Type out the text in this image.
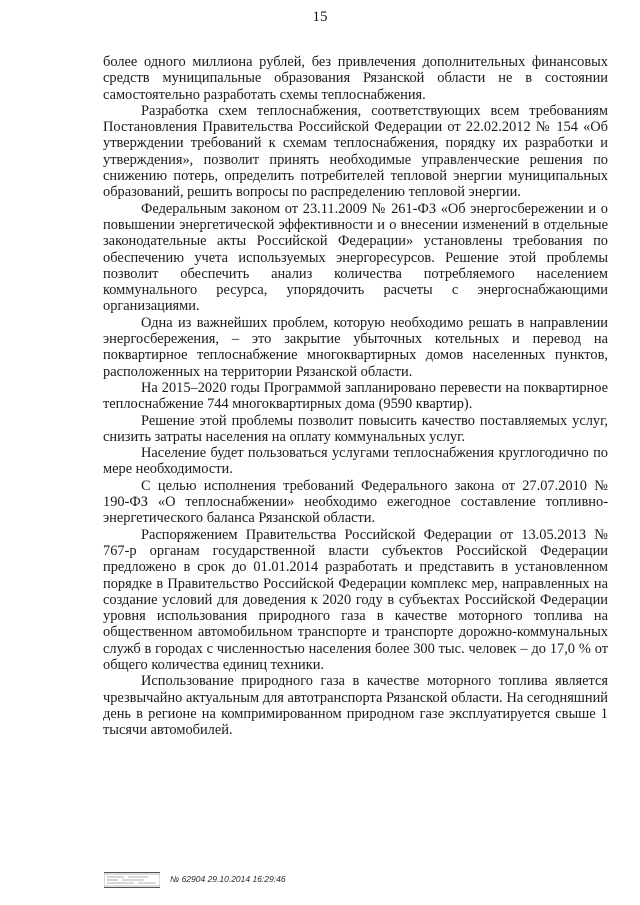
15

более одного миллиона рублей, без привлечения дополнительных финансовых средств муниципальные образования Рязанской области не в состоянии самостоятельно разработать схемы теплоснабжения.

Разработка схем теплоснабжения, соответствующих всем требованиям Постановления Правительства Российской Федерации от 22.02.2012 № 154 «Об утверждении требований к схемам теплоснабжения, порядку их разработки и утверждения», позволит принять необходимые управленческие решения по снижению потерь, определить потребителей тепловой энергии муниципальных образований, решить вопросы по распределению тепловой энергии.

Федеральным законом от 23.11.2009 № 261-ФЗ «Об энергосбережении и о повышении энергетической эффективности и о внесении изменений в отдельные законодательные акты Российской Федерации» установлены требования по обеспечению учета используемых энергоресурсов. Решение этой проблемы позволит обеспечить анализ количества потребляемого населением коммунального ресурса, упорядочить расчеты с энергоснабжающими организациями.

Одна из важнейших проблем, которую необходимо решать в направлении энергосбережения, – это закрытие убыточных котельных и перевод на поквартирное теплоснабжение многоквартирных домов населенных пунктов, расположенных на территории Рязанской области.

На 2015–2020 годы Программой запланировано перевести на поквартирное теплоснабжение 744 многоквартирных дома (9590 квартир).

Решение этой проблемы позволит повысить качество поставляемых услуг, снизить затраты населения на оплату коммунальных услуг.

Население будет пользоваться услугами теплоснабжения круглогодично по мере необходимости.

С целью исполнения требований Федерального закона от 27.07.2010 № 190-ФЗ «О теплоснабжении» необходимо ежегодное составление топливно-энергетического баланса Рязанской области.

Распоряжением Правительства Российской Федерации от 13.05.2013 № 767-р органам государственной власти субъектов Российской Федерации предложено в срок до 01.01.2014 разработать и представить в установленном порядке в Правительство Российской Федерации комплекс мер, направленных на создание условий для доведения к 2020 году в субъектах Российской Федерации уровня использования природного газа в качестве моторного топлива на общественном автомобильном транспорте и транспорте дорожно-коммунальных служб в городах с численностью населения более 300 тыс. человек – до 17,0 % от общего количества единиц техники.

Использование природного газа в качестве моторного топлива является чрезвычайно актуальным для автотранспорта Рязанской области. На сегодняшний день в регионе на компримированном природном газе эксплуатируется свыше 1 тысячи автомобилей.

№ 62904 29.10.2014 16:29:46
